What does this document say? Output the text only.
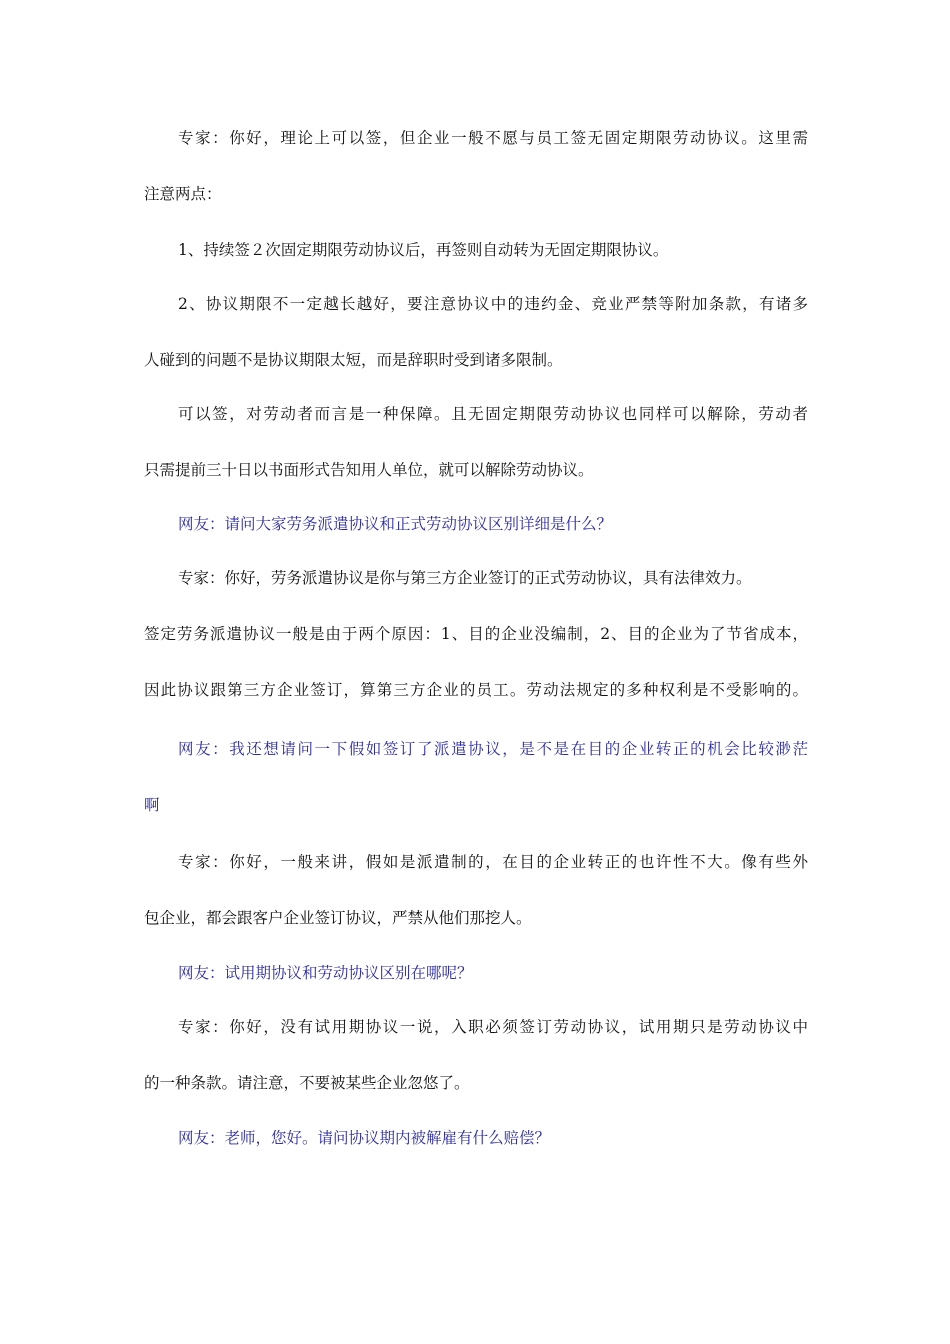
专家：你好，理论上可以签，但企业一般不愿与员工签无固定期限劳动协议。这里需
注意两点：

1、持续签２次固定期限劳动协议后，再签则自动转为无固定期限协议。

2、协议期限不一定越长越好，要注意协议中的违约金、竞业严禁等附加条款，有诸多
人碰到的问题不是协议期限太短，而是辞职时受到诸多限制。

可以签，对劳动者而言是一种保障。且无固定期限劳动协议也同样可以解除，劳动者
只需提前三十日以书面形式告知用人单位，就可以解除劳动协议。

网友：请问大家劳务派遣协议和正式劳动协议区别详细是什么？

专家：你好，劳务派遣协议是你与第三方企业签订的正式劳动协议，具有法律效力。
签定劳务派遣协议一般是由于两个原因：1、目的企业没编制，2、目的企业为了节省成本，
因此协议跟第三方企业签订，算第三方企业的员工。劳动法规定的多种权利是不受影响的。

网友：我还想请问一下假如签订了派遣协议，是不是在目的企业转正的机会比较渺茫
啊

专家：你好，一般来讲，假如是派遣制的，在目的企业转正的也许性不大。像有些外
包企业，都会跟客户企业签订协议，严禁从他们那挖人。

网友：试用期协议和劳动协议区别在哪呢？

专家：你好，没有试用期协议一说，入职必须签订劳动协议，试用期只是劳动协议中
的一种条款。请注意，不要被某些企业忽悠了。

网友：老师，您好。请问协议期内被解雇有什么赔偿？
